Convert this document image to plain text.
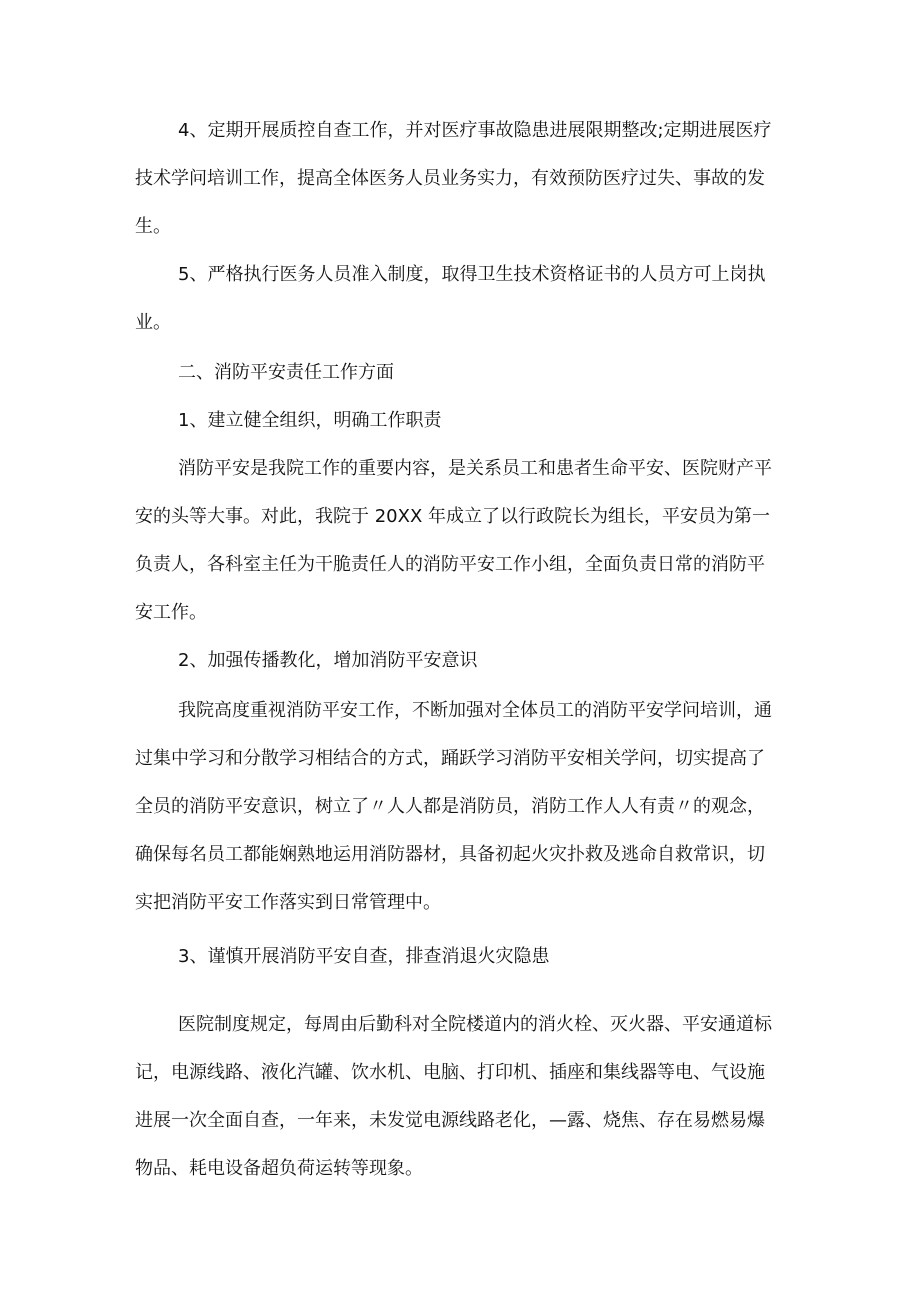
4、定期开展质控自查工作，并对医疗事故隐患进展限期整改;定期进展医疗

技术学问培训工作，提高全体医务人员业务实力，有效预防医疗过失、事故的发

生。

5、严格执行医务人员准入制度，取得卫生技术资格证书的人员方可上岗执

业。

二、消防平安责任工作方面

1、建立健全组织，明确工作职责

消防平安是我院工作的重要内容，是关系员工和患者生命平安、医院财产平

安的头等大事。对此，我院于 20XX 年成立了以行政院长为组长，平安员为第一

负责人，各科室主任为干脆责任人的消防平安工作小组，全面负责日常的消防平

安工作。

2、加强传播教化，增加消防平安意识

我院高度重视消防平安工作，不断加强对全体员工的消防平安学问培训，通

过集中学习和分散学习相结合的方式，踊跃学习消防平安相关学问，切实提高了

全员的消防平安意识，树立了〃人人都是消防员，消防工作人人有责〃的观念，

确保每名员工都能娴熟地运用消防器材，具备初起火灾扑救及逃命自救常识，切

实把消防平安工作落实到日常管理中。

3、谨慎开展消防平安自查，排查消退火灾隐患

医院制度规定，每周由后勤科对全院楼道内的消火栓、灭火器、平安通道标

记，电源线路、液化汽罐、饮水机、电脑、打印机、插座和集线器等电、气设施

进展一次全面自查，一年来，未发觉电源线路老化，—露、烧焦、存在易燃易爆

物品、耗电设备超负荷运转等现象。
